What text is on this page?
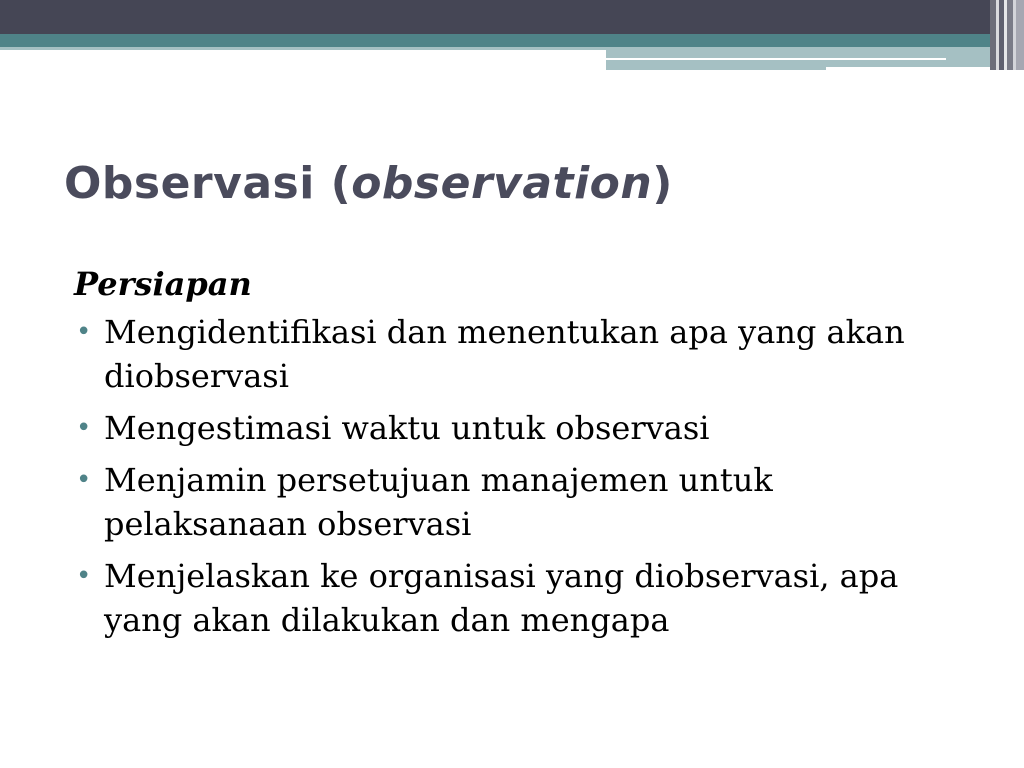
Observasi (observation)
Persiapan
• Mengidentifikasi dan menentukan apa yang akan diobservasi
• Mengestimasi waktu untuk observasi
• Menjamin persetujuan manajemen untuk pelaksanaan observasi
• Menjelaskan ke organisasi yang diobservasi, apa yang akan dilakukan dan mengapa
